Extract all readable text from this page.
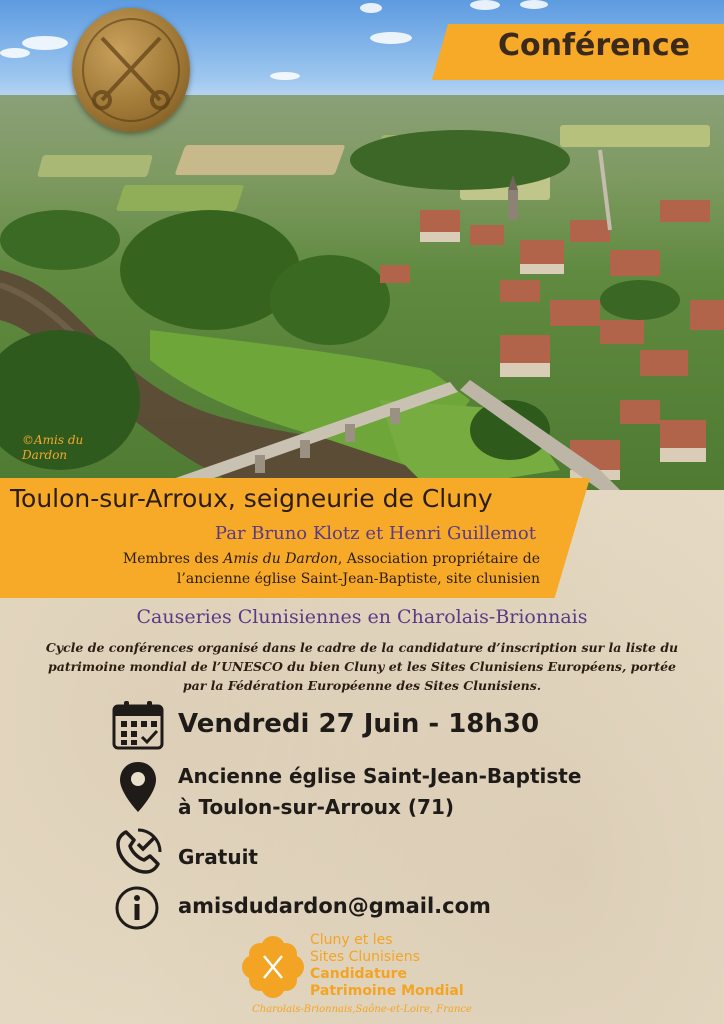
©Amis du Dardon
Conférence
Toulon-sur-Arroux, seigneurie de Cluny
Par Bruno Klotz et Henri Guillemot
Membres des Amis du Dardon, Association propriétaire de
l’ancienne église Saint-Jean-Baptiste, site clunisien
Causeries Clunisiennes en Charolais-Brionnais
Cycle de conférences organisé dans le cadre de la candidature d’inscription sur la liste du patrimoine mondial de l’UNESCO du bien Cluny et les Sites Clunisiens Européens, portée par la Fédération Européenne des Sites Clunisiens.
Vendredi 27 Juin - 18h30
Ancienne église Saint-Jean-Baptiste
à Toulon-sur-Arroux (71)
Gratuit
amisdudardon@gmail.com
Cluny et les
Sites Clunisiens
Candidature
Patrimoine Mondial
Charolais-Brionnais,Saône-et-Loire, France
